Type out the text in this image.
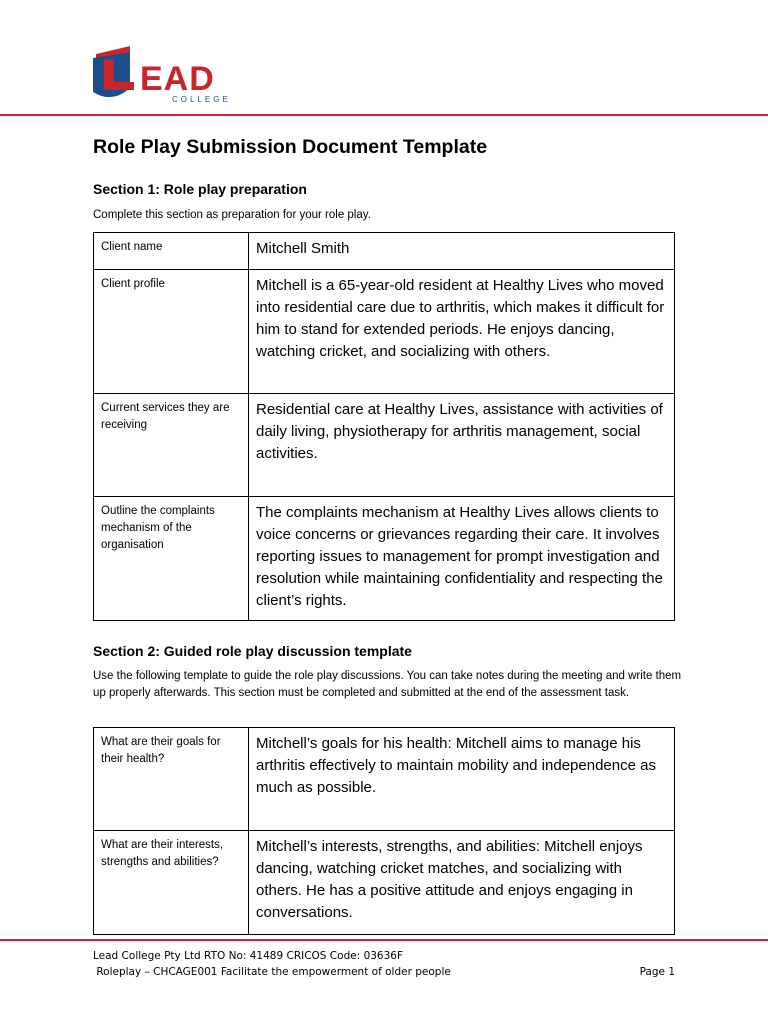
EAD
COLLEGE
Role Play Submission Document Template
Section 1: Role play preparation

Complete this section as preparation for your role play.

Client name	Mitchell Smith
Client profile	Mitchell is a 65-year-old resident at Healthy Lives who moved into residential care due to arthritis, which makes it difficult for him to stand for extended periods. He enjoys dancing, watching cricket, and socializing with others.
Current services they are receiving	Residential care at Healthy Lives, assistance with activities of daily living, physiotherapy for arthritis management, social activities.
Outline the complaints mechanism of the organisation	The complaints mechanism at Healthy Lives allows clients to voice concerns or grievances regarding their care. It involves reporting issues to management for prompt investigation and resolution while maintaining confidentiality and respecting the client’s rights.
Section 2: Guided role play discussion template

Use the following template to guide the role play discussions. You can take notes during the meeting and write them up properly afterwards. This section must be completed and submitted at the end of the assessment task.

What are their goals for their health?	Mitchell’s goals for his health: Mitchell aims to manage his arthritis effectively to maintain mobility and independence as much as possible.
What are their interests, strengths and abilities?	Mitchell’s interests, strengths, and abilities: Mitchell enjoys dancing, watching cricket matches, and socializing with others. He has a positive attitude and enjoys engaging in conversations.
Lead College Pty Ltd RTO No: 41489 CRICOS Code: 03636F
Roleplay – CHCAGE001 Facilitate the empowerment of older people	Page 1
